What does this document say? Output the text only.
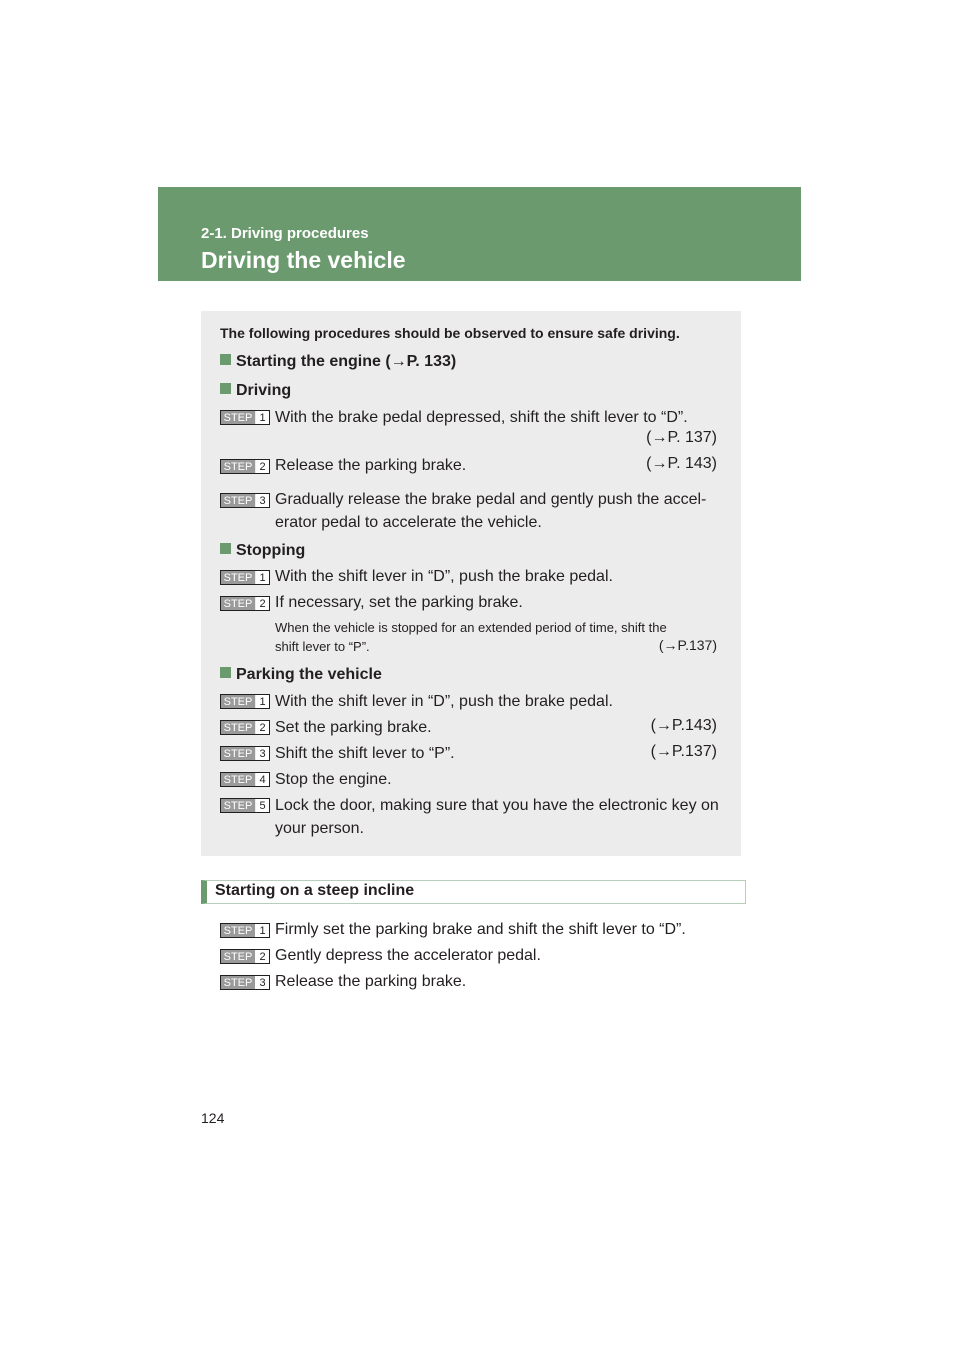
2-1. Driving procedures
Driving the vehicle
The following procedures should be observed to ensure safe driving.
Starting the engine (→P. 133)
Driving
STEP 1 With the brake pedal depressed, shift the shift lever to “D”.
(→P. 137)
STEP 2 Release the parking brake.	(→P. 143)
STEP 3 Gradually release the brake pedal and gently push the accel-
erator pedal to accelerate the vehicle.
Stopping
STEP 1 With the shift lever in “D”, push the brake pedal.
STEP 2 If necessary, set the parking brake.
When the vehicle is stopped for an extended period of time, shift the
shift lever to “P”.	(→P.137)
Parking the vehicle
STEP 1 With the shift lever in “D”, push the brake pedal.
STEP 2 Set the parking brake.	(→P.143)
STEP 3 Shift the shift lever to “P”.	(→P.137)
STEP 4 Stop the engine.
STEP 5 Lock the door, making sure that you have the electronic key on
your person.
Starting on a steep incline
STEP 1 Firmly set the parking brake and shift the shift lever to “D”.
STEP 2 Gently depress the accelerator pedal.
STEP 3 Release the parking brake.
124
